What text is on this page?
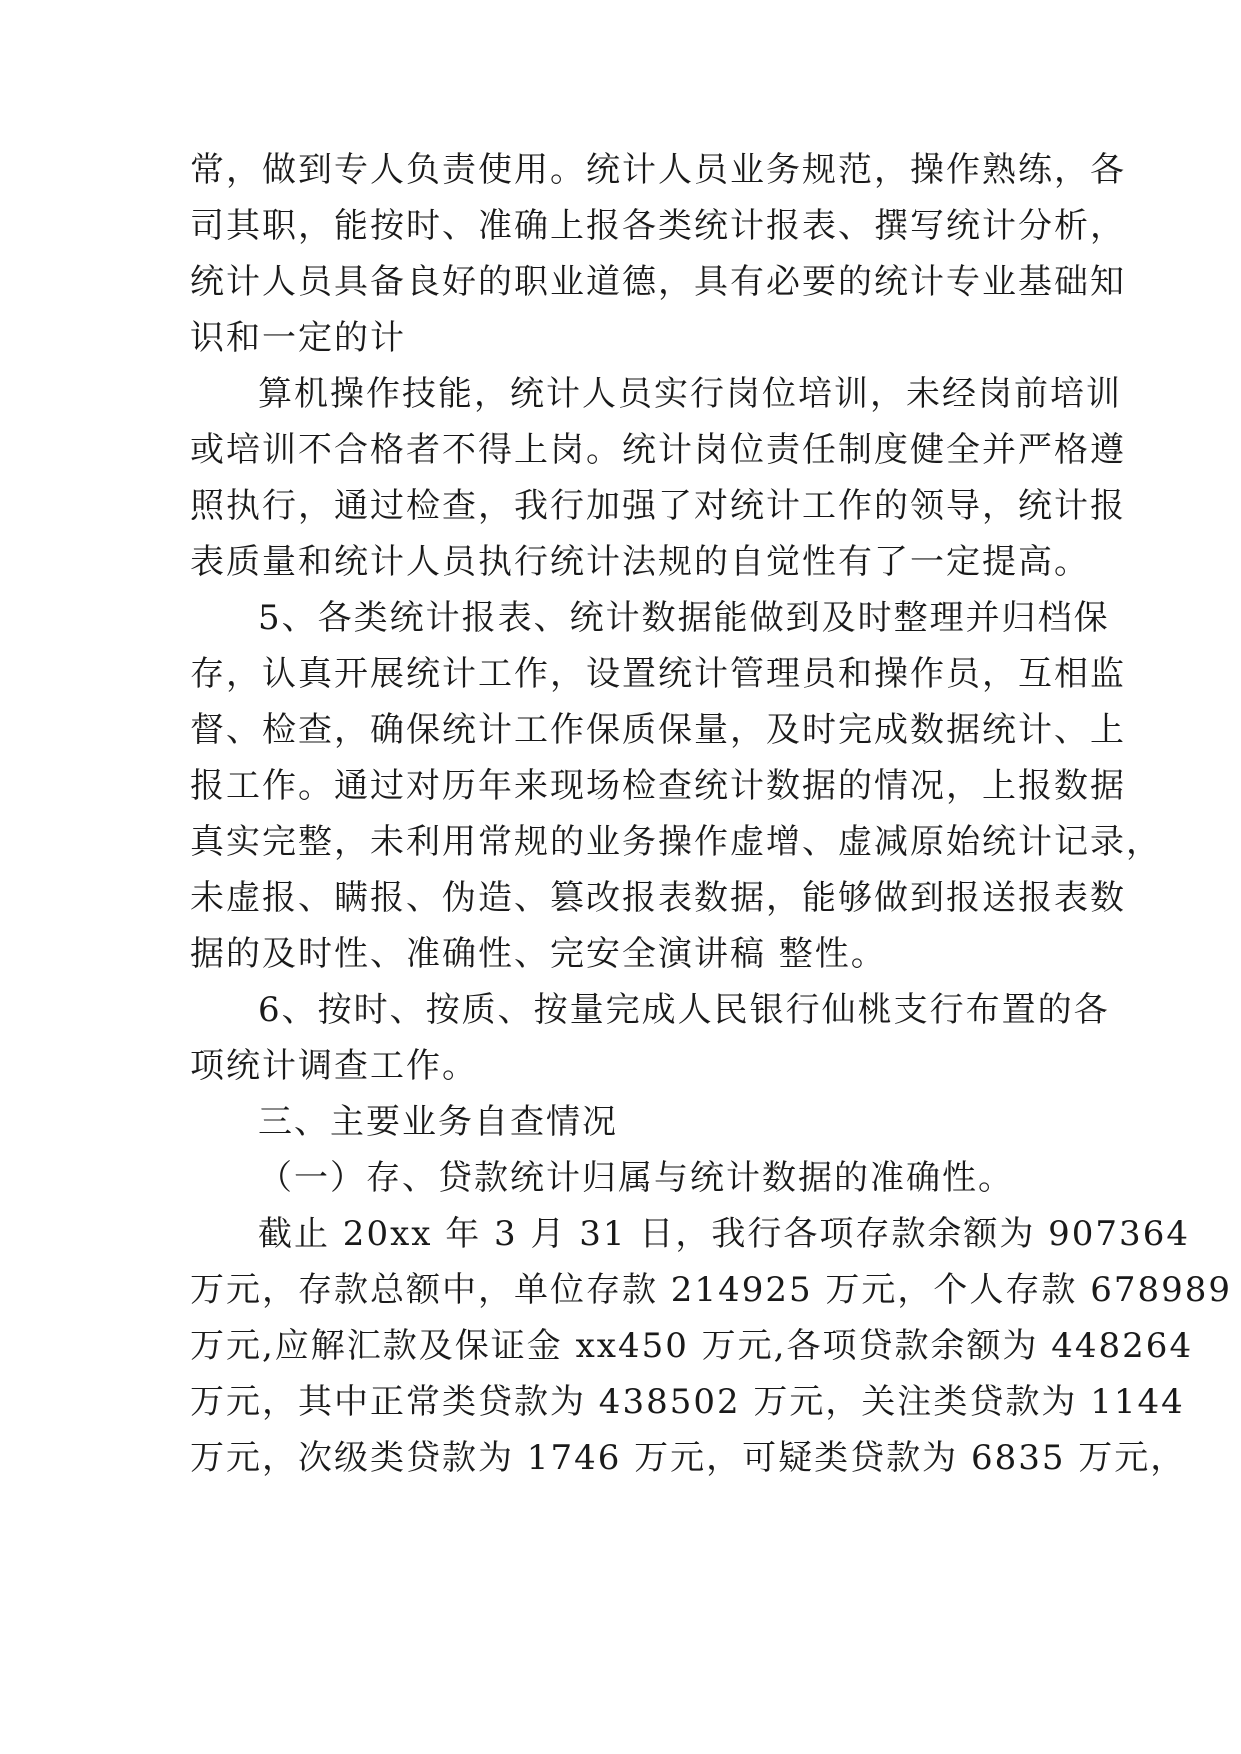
常，做到专人负责使用。统计人员业务规范，操作熟练，各
司其职，能按时、准确上报各类统计报表、撰写统计分析，
统计人员具备良好的职业道德，具有必要的统计专业基础知
识和一定的计
算机操作技能，统计人员实行岗位培训，未经岗前培训
或培训不合格者不得上岗。统计岗位责任制度健全并严格遵
照执行，通过检查，我行加强了对统计工作的领导，统计报
表质量和统计人员执行统计法规的自觉性有了一定提高。
5、各类统计报表、统计数据能做到及时整理并归档保
存，认真开展统计工作，设置统计管理员和操作员，互相监
督、检查，确保统计工作保质保量，及时完成数据统计、上
报工作。通过对历年来现场检查统计数据的情况，上报数据
真实完整，未利用常规的业务操作虚增、虚减原始统计记录，
未虚报、瞒报、伪造、篡改报表数据，能够做到报送报表数
据的及时性、准确性、完安全演讲稿 整性。
6、按时、按质、按量完成人民银行仙桃支行布置的各
项统计调查工作。
三、主要业务自查情况
（一）存、贷款统计归属与统计数据的准确性。
截止 20xx 年 3 月 31 日，我行各项存款余额为 907364
万元，存款总额中，单位存款 214925 万元，个人存款 678989
万元,应解汇款及保证金 xx450 万元,各项贷款余额为 448264
万元，其中正常类贷款为 438502 万元，关注类贷款为 1144
万元，次级类贷款为 1746 万元，可疑类贷款为 6835 万元，
